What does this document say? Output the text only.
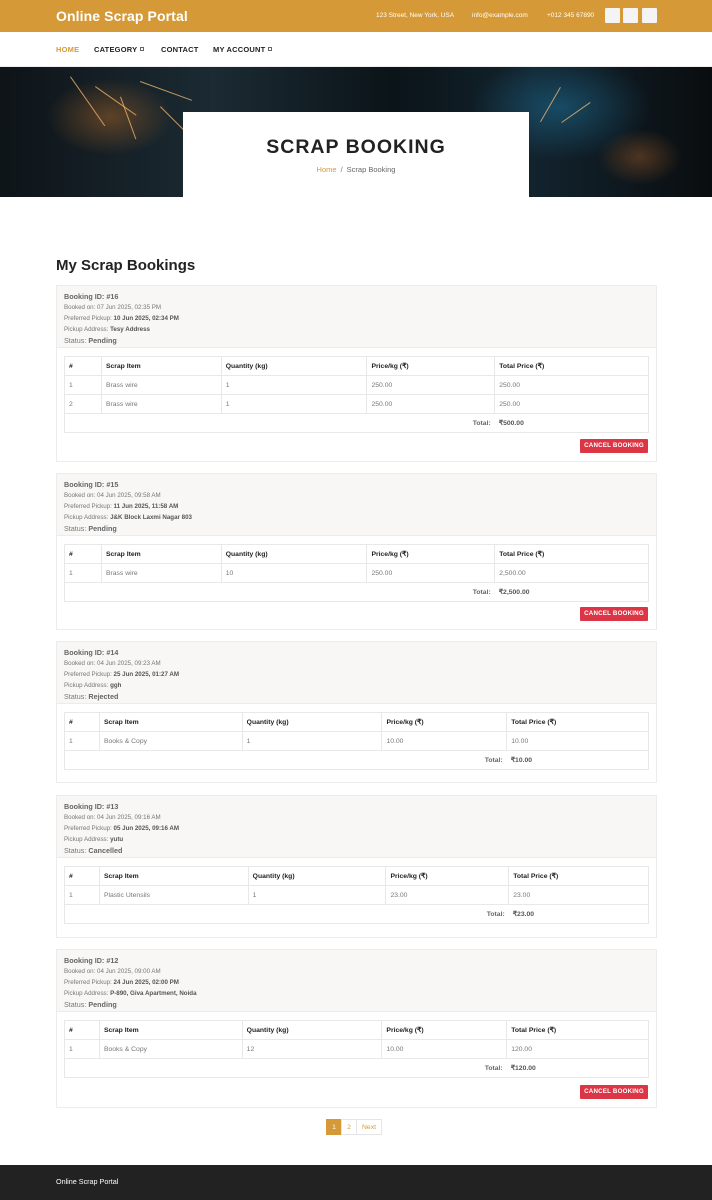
Online Scrap Portal	123 Street, New York, USA	info@example.com	+012 345 67890
HOME CATEGORY	CONTACT MY ACCOUNT
SCRAP BOOKING
Home / Scrap Booking
My Scrap Bookings
Booking ID: #16
Booked on: 07 Jun 2025, 02:35 PM
Preferred Pickup: 10 Jun 2025, 02:34 PM
Pickup Address: Tesy Address
Status: Pending
#	Scrap Item	Quantity (kg)	Price/kg (₹)	Total Price (₹)
1	Brass wire	1	250.00	250.00
2	Brass wire	1	250.00	250.00
Total:				₹500.00
CANCEL BOOKING
Booking ID: #15
Booked on: 04 Jun 2025, 09:58 AM
Preferred Pickup: 11 Jun 2025, 11:58 AM
Pickup Address: J&K Block Laxmi Nagar 803
Status: Pending
#	Scrap Item	Quantity (kg)	Price/kg (₹)	Total Price (₹)
1	Brass wire	10	250.00	2,500.00
Total:				₹2,500.00
CANCEL BOOKING
Booking ID: #14
Booked on: 04 Jun 2025, 09:23 AM
Preferred Pickup: 25 Jun 2025, 01:27 AM
Pickup Address: ggh
Status: Rejected
#	Scrap Item	Quantity (kg)	Price/kg (₹)	Total Price (₹)
1	Books & Copy	1	10.00	10.00
Total:				₹10.00
Booking ID: #13
Booked on: 04 Jun 2025, 09:16 AM
Preferred Pickup: 05 Jun 2025, 09:16 AM
Pickup Address: yutu
Status: Cancelled
#	Scrap Item	Quantity (kg)	Price/kg (₹)	Total Price (₹)
1	Plastic Utensils	1	23.00	23.00
Total:				₹23.00
Booking ID: #12
Booked on: 04 Jun 2025, 09:00 AM
Preferred Pickup: 24 Jun 2025, 02:00 PM
Pickup Address: P-890, Giva Apartment, Noida
Status: Pending
#	Scrap Item	Quantity (kg)	Price/kg (₹)	Total Price (₹)
1	Books & Copy	12	10.00	120.00
Total:				₹120.00
CANCEL BOOKING
1	2	Next
Online Scrap Portal
